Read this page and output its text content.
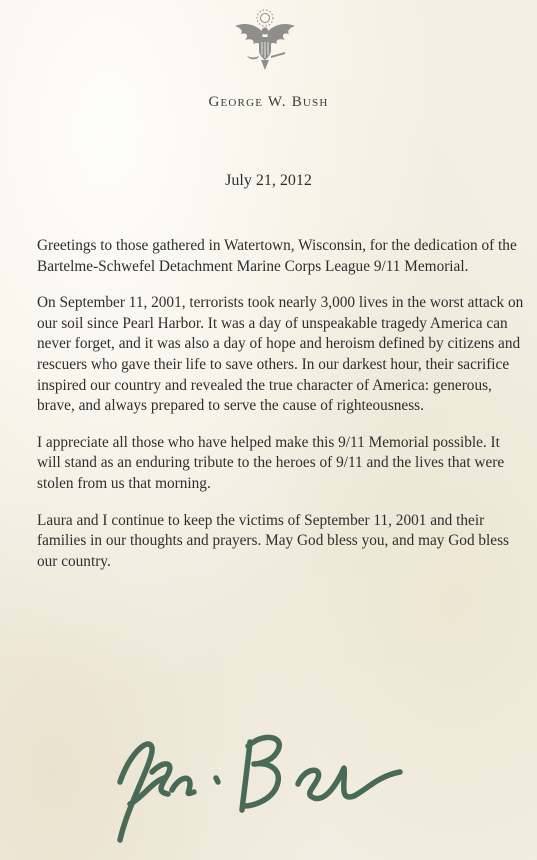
George W. Bush
July 21, 2012

Greetings to those gathered in Watertown, Wisconsin, for the dedication of the Bartelme-Schwefel Detachment Marine Corps League 9/11 Memorial.

On September 11, 2001, terrorists took nearly 3,000 lives in the worst attack on our soil since Pearl Harbor. It was a day of unspeakable tragedy America can never forget, and it was also a day of hope and heroism defined by citizens and rescuers who gave their life to save others. In our darkest hour, their sacrifice inspired our country and revealed the true character of America: generous, brave, and always prepared to serve the cause of righteousness.

I appreciate all those who have helped make this 9/11 Memorial possible. It will stand as an enduring tribute to the heroes of 9/11 and the lives that were stolen from us that morning.

Laura and I continue to keep the victims of September 11, 2001 and their families in our thoughts and prayers. May God bless you, and may God bless our country.
